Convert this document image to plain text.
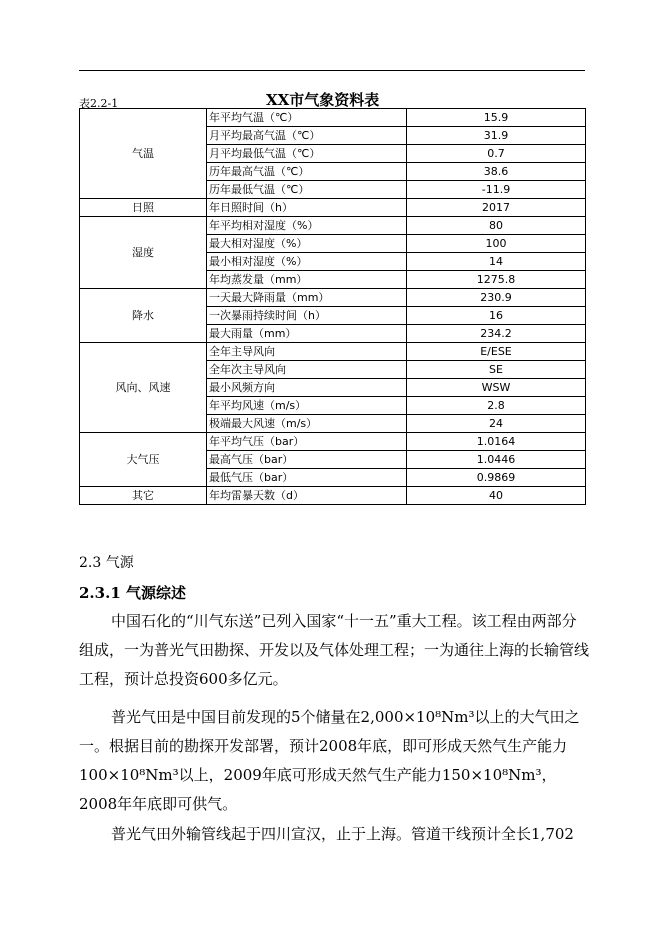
表2.2-1	XX市气象资料表
气温	年平均气温（℃）	15.9
	月平均最高气温（℃）	31.9
	月平均最低气温（℃）	0.7
	历年最高气温（℃）	38.6
	历年最低气温（℃）	-11.9
日照	年日照时间（h）	2017
湿度	年平均相对湿度（%）	80
	最大相对湿度（%）	100
	最小相对湿度（%）	14
	年均蒸发量（mm）	1275.8
降水	一天最大降雨量（mm）	230.9
	一次暴雨持续时间（h）	16
	最大雨量（mm）	234.2
风向、风速	全年主导风向	E/ESE
	全年次主导风向	SE
	最小风频方向	WSW
	年平均风速（m/s）	2.8
	极端最大风速（m/s）	24
大气压	年平均气压（bar）	1.0164
	最高气压（bar）	1.0446
	最低气压（bar）	0.9869
其它	年均雷暴天数（d）	40
2.3 气源
2.3.1 气源综述

中国石化的“川气东送”已列入国家“十一五”重大工程。该工程由两部分组成，一为普光气田勘探、开发以及气体处理工程；一为通往上海的长输管线工程，预计总投资600多亿元。

普光气田是中国目前发现的5个储量在2,000×10⁸Nm³以上的大气田之一。根据目前的勘探开发部署，预计2008年底，即可形成天然气生产能力100×10⁸Nm³以上，2009年底可形成天然气生产能力150×10⁸Nm³，2008年年底即可供气。

普光气田外输管线起于四川宣汉，止于上海。管道干线预计全长1,702
